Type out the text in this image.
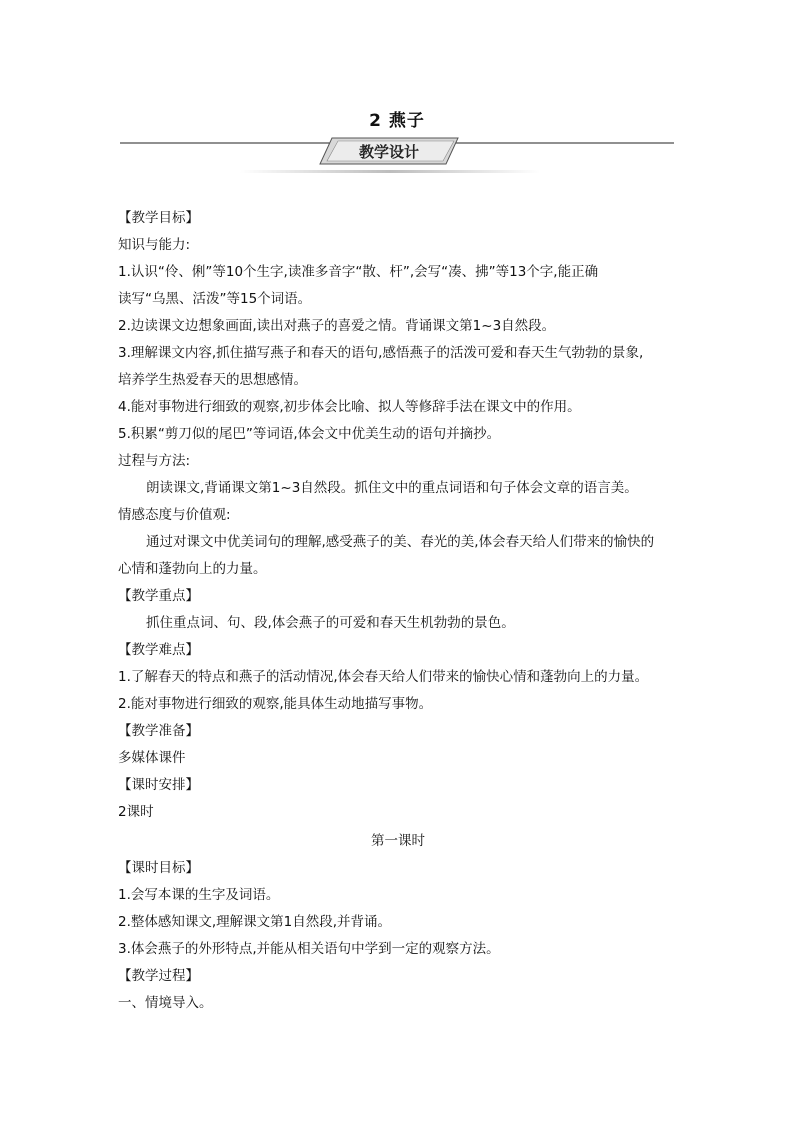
2 燕子
教学设计
【教学目标】
知识与能力:
1.认识“伶、俐”等10个生字,读准多音字“散、杆”,会写“凑、拂”等13个字,能正确
读写“乌黑、活泼”等15个词语。
2.边读课文边想象画面,读出对燕子的喜爱之情。背诵课文第1~3自然段。
3.理解课文内容,抓住描写燕子和春天的语句,感悟燕子的活泼可爱和春天生气勃勃的景象,
培养学生热爱春天的思想感情。
4.能对事物进行细致的观察,初步体会比喻、拟人等修辞手法在课文中的作用。
5.积累“剪刀似的尾巴”等词语,体会文中优美生动的语句并摘抄。
过程与方法:
朗读课文,背诵课文第1~3自然段。抓住文中的重点词语和句子体会文章的语言美。
情感态度与价值观:
通过对课文中优美词句的理解,感受燕子的美、春光的美,体会春天给人们带来的愉快的
心情和蓬勃向上的力量。
【教学重点】
抓住重点词、句、段,体会燕子的可爱和春天生机勃勃的景色。
【教学难点】
1.了解春天的特点和燕子的活动情况,体会春天给人们带来的愉快心情和蓬勃向上的力量。
2.能对事物进行细致的观察,能具体生动地描写事物。
【教学准备】
多媒体课件
【课时安排】
2课时
第一课时
【课时目标】
1.会写本课的生字及词语。
2.整体感知课文,理解课文第1自然段,并背诵。
3.体会燕子的外形特点,并能从相关语句中学到一定的观察方法。
【教学过程】
一、情境导入。
